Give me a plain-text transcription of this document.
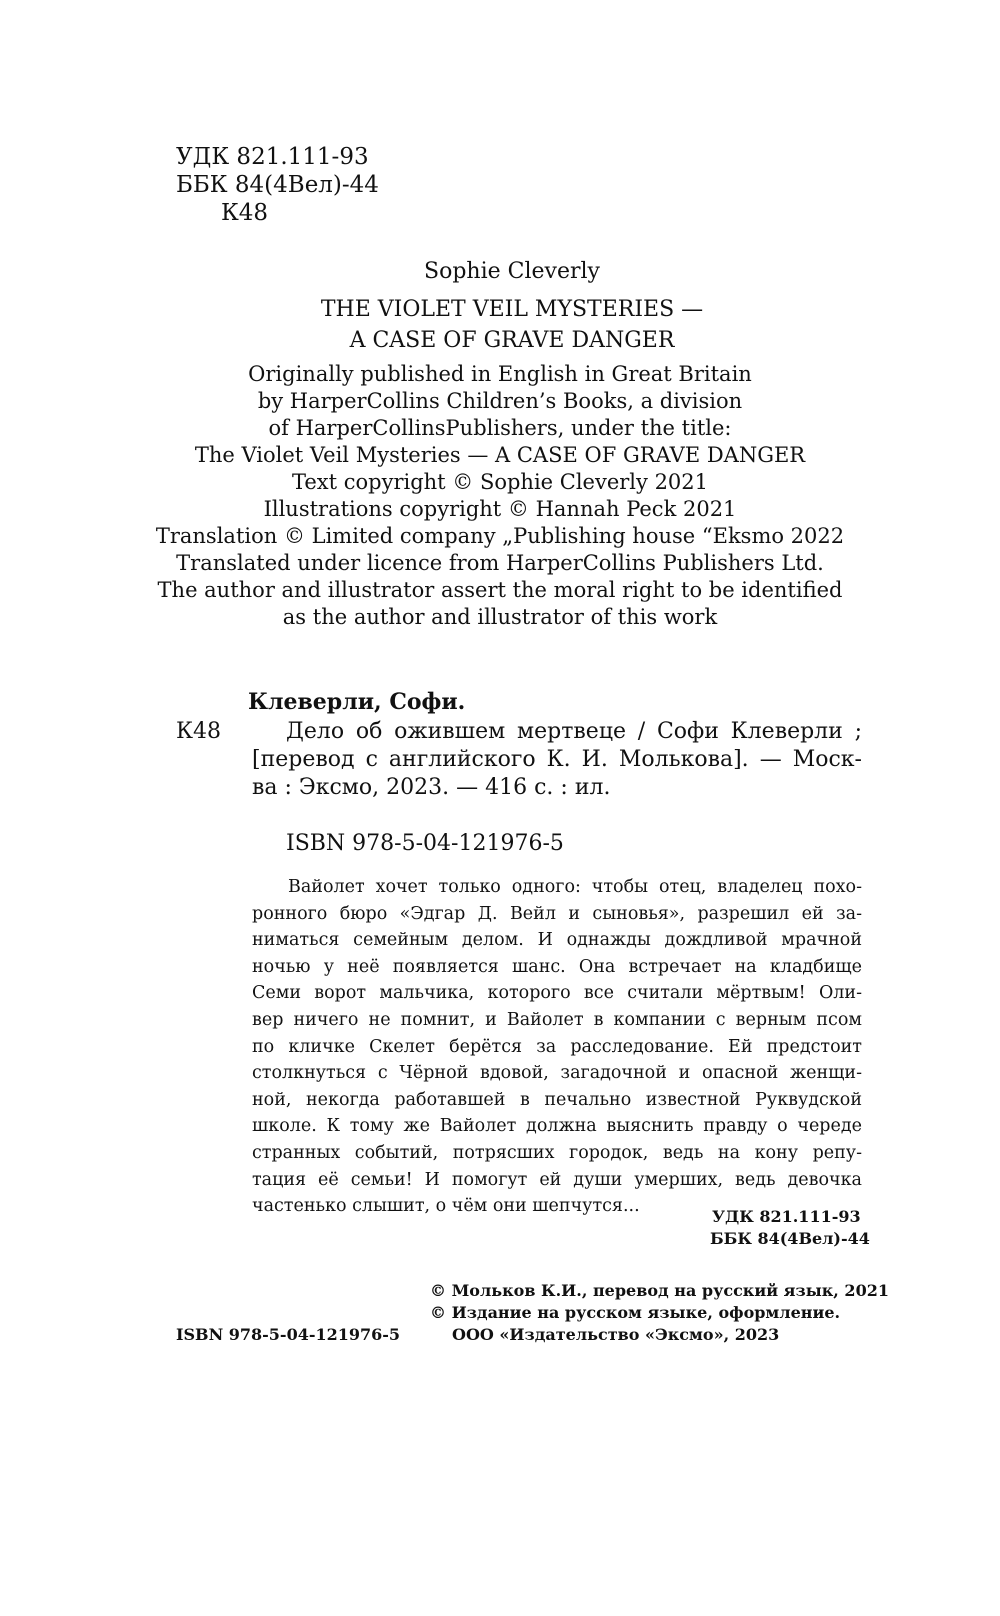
УДК 821.111-93
ББК 84(4Вел)-44
К48
Sophie Cleverly
THE VIOLET VEIL MYSTERIES —
A CASE OF GRAVE DANGER
Originally published in English in Great Britain
by HarperCollins Children’s Books, a division
of HarperCollinsPublishers, under the title:
The Violet Veil Mysteries — A CASE OF GRAVE DANGER
Text copyright © Sophie Cleverly 2021
Illustrations copyright © Hannah Peck 2021
Translation © Limited company „Publishing house “Eksmo 2022
Translated under licence from HarperCollins Publishers Ltd.
The author and illustrator assert the moral right to be identified
as the author and illustrator of this work
Клеверли, Софи.
К48	Дело об ожившем мертвеце / Софи Клеверли ;
[перевод с английского К. И. Молькова]. — Моск-
ва : Эксмо, 2023. — 416 с. : ил.
ISBN 978-5-04-121976-5
Вайолет хочет только одного: чтобы отец, владелец похо-
ронного бюро «Эдгар Д. Вейл и сыновья», разрешил ей за-
ниматься семейным делом. И однажды дождливой мрачной
ночью у неё появляется шанс. Она встречает на кладбище
Семи ворот мальчика, которого все считали мёртвым! Оли-
вер ничего не помнит, и Вайолет в компании с верным псом
по кличке Скелет берётся за расследование. Ей предстоит
столкнуться с Чёрной вдовой, загадочной и опасной женщи-
ной, некогда работавшей в печально известной Руквудской
школе. К тому же Вайолет должна выяснить правду о череде
странных событий, потрясших городок, ведь на кону репу-
тация её семьи! И помогут ей души умерших, ведь девочка
частенько слышит, о чём они шепчутся...
УДК 821.111-93
ББК 84(4Вел)-44
© Мольков К.И., перевод на русский язык, 2021
© Издание на русском языке, оформление.
ООО «Издательство «Эксмо», 2023
ISBN 978-5-04-121976-5
